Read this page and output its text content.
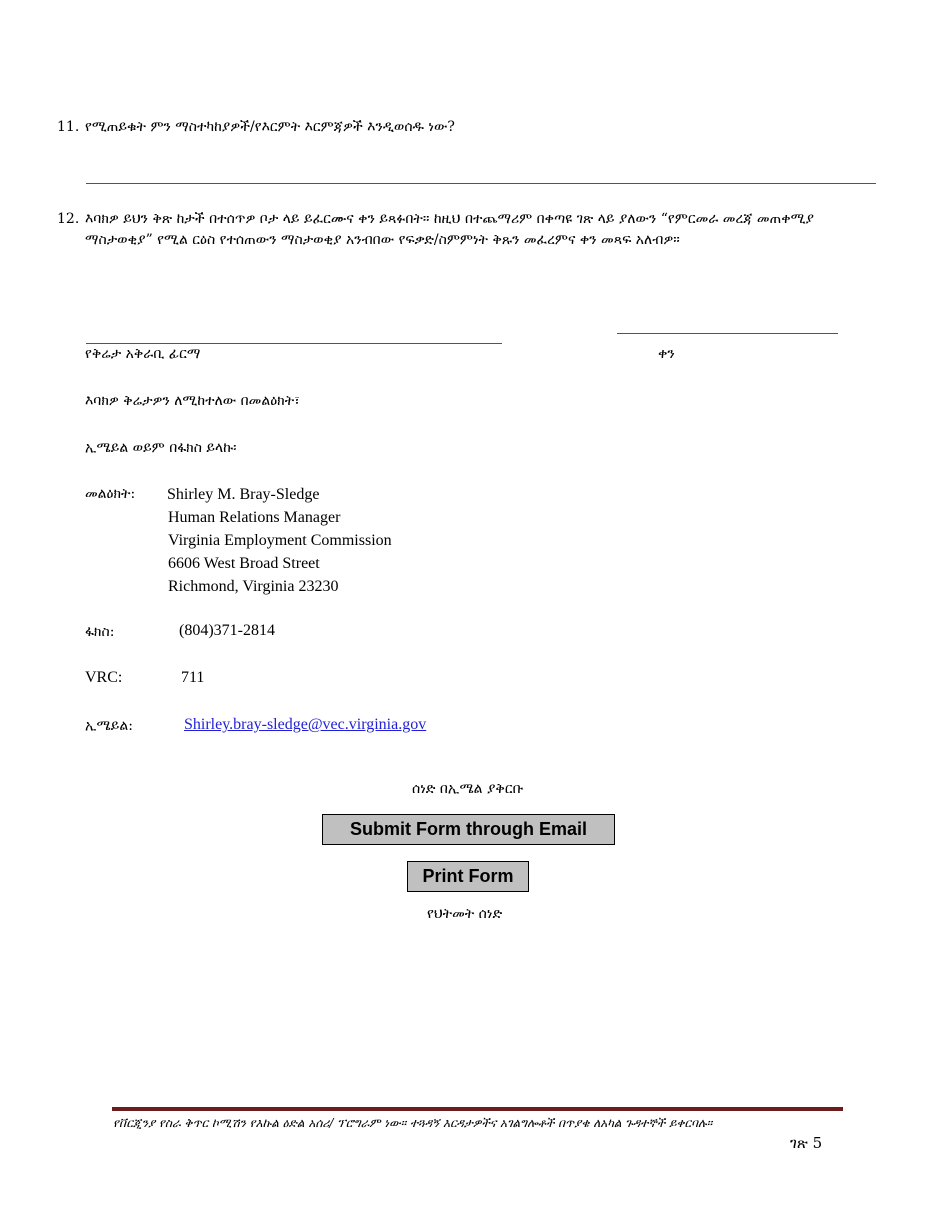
11. የሚጠይቁት ምን ማስተካከያዎች/የእርምት እርምጃዎች እንዲወሰዱ ነው?
12. እባክዎ ይህን ቅጽ ከታች በተሰጥዎ ቦታ ላይ ይፈርሙና ቀን ይጻፉበት። ከዚህ በተጨማሪም በቀጣዩ ገጽ ላይ ያለውን “የምርመራ መረጃ መጠቀሚያ ማስታወቂያ” የሚል ርዕስ የተሰጠውን ማስታወቂያ አንብበው የፍቃድ/ስምምነት ቅጹን መፈረምና ቀን መጻፍ አለብዎ።
የቅሬታ አቅራቢ ፊርማ	ቀን
እባክዎ ቅሬታዎን ለሚከተለው በመልዕክት፣
ኢሜይል ወይም በፋክስ ይላኩ፡
መልዕክት: Shirley M. Bray-Sledge
Human Relations Manager
Virginia Employment Commission
6606 West Broad Street
Richmond, Virginia 23230
ፋክስ:	(804)371-2814
VRC:	711
ኢሜይል:	Shirley.bray-sledge@vec.virginia.gov
ሰነድ በኢሜል ያቅርቡ
Submit Form through Email
Print Form
የህትመት ሰነድ
የቨርጂንያ የስራ ቅጥር ኮሚሽን የእኩል ዕድል አሰሪ/ ፕሮግራም ነው። ተጓዳኝ እርዳታዎችና አገልግሎቶች በጥያቄ ለአካል ጉዳተኞች ይቀርባሉ።
ገጽ 5
